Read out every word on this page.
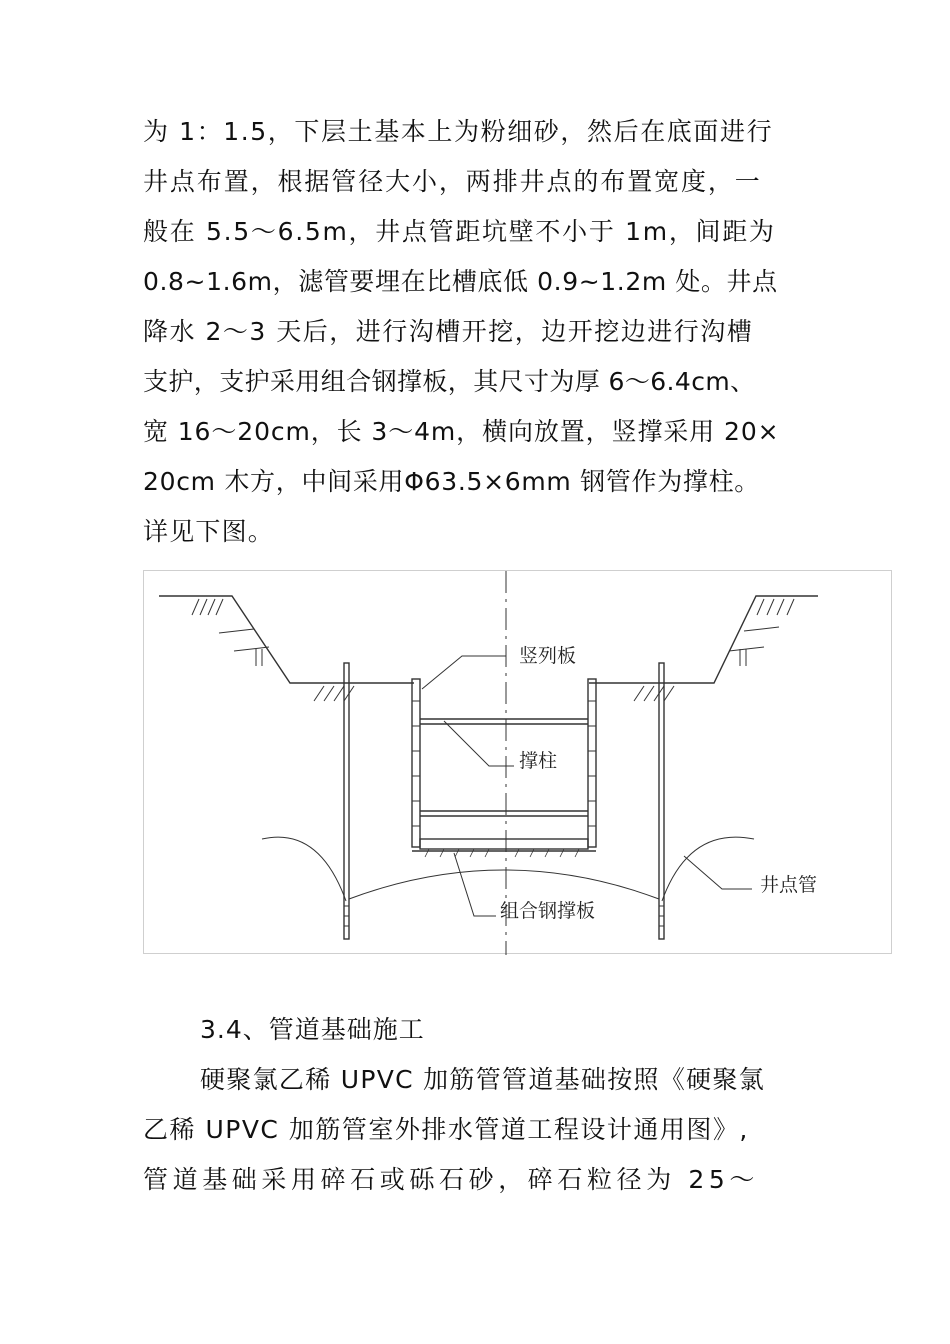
为 1：1.5，下层土基本上为粉细砂，然后在底面进行
井点布置，根据管径大小，两排井点的布置宽度，一
般在 5.5～6.5m，井点管距坑壁不小于 1m，间距为
0.8~1.6m，滤管要埋在比槽底低 0.9~1.2m 处。井点
降水 2～3 天后，进行沟槽开挖，边开挖边进行沟槽
支护，支护采用组合钢撑板，其尺寸为厚 6～6.4cm、
宽 16～20cm，长 3～4m，横向放置，竖撑采用 20×
20cm 木方，中间采用Φ63.5×6mm 钢管作为撑柱。
详见下图。
竖列板
撑柱
井点管
组合钢撑板
3.4、管道基础施工
硬聚氯乙稀 UPVC 加筋管管道基础按照《硬聚氯
乙稀 UPVC 加筋管室外排水管道工程设计通用图》,
管道基础采用碎石或砾石砂，碎石粒径为 25～
